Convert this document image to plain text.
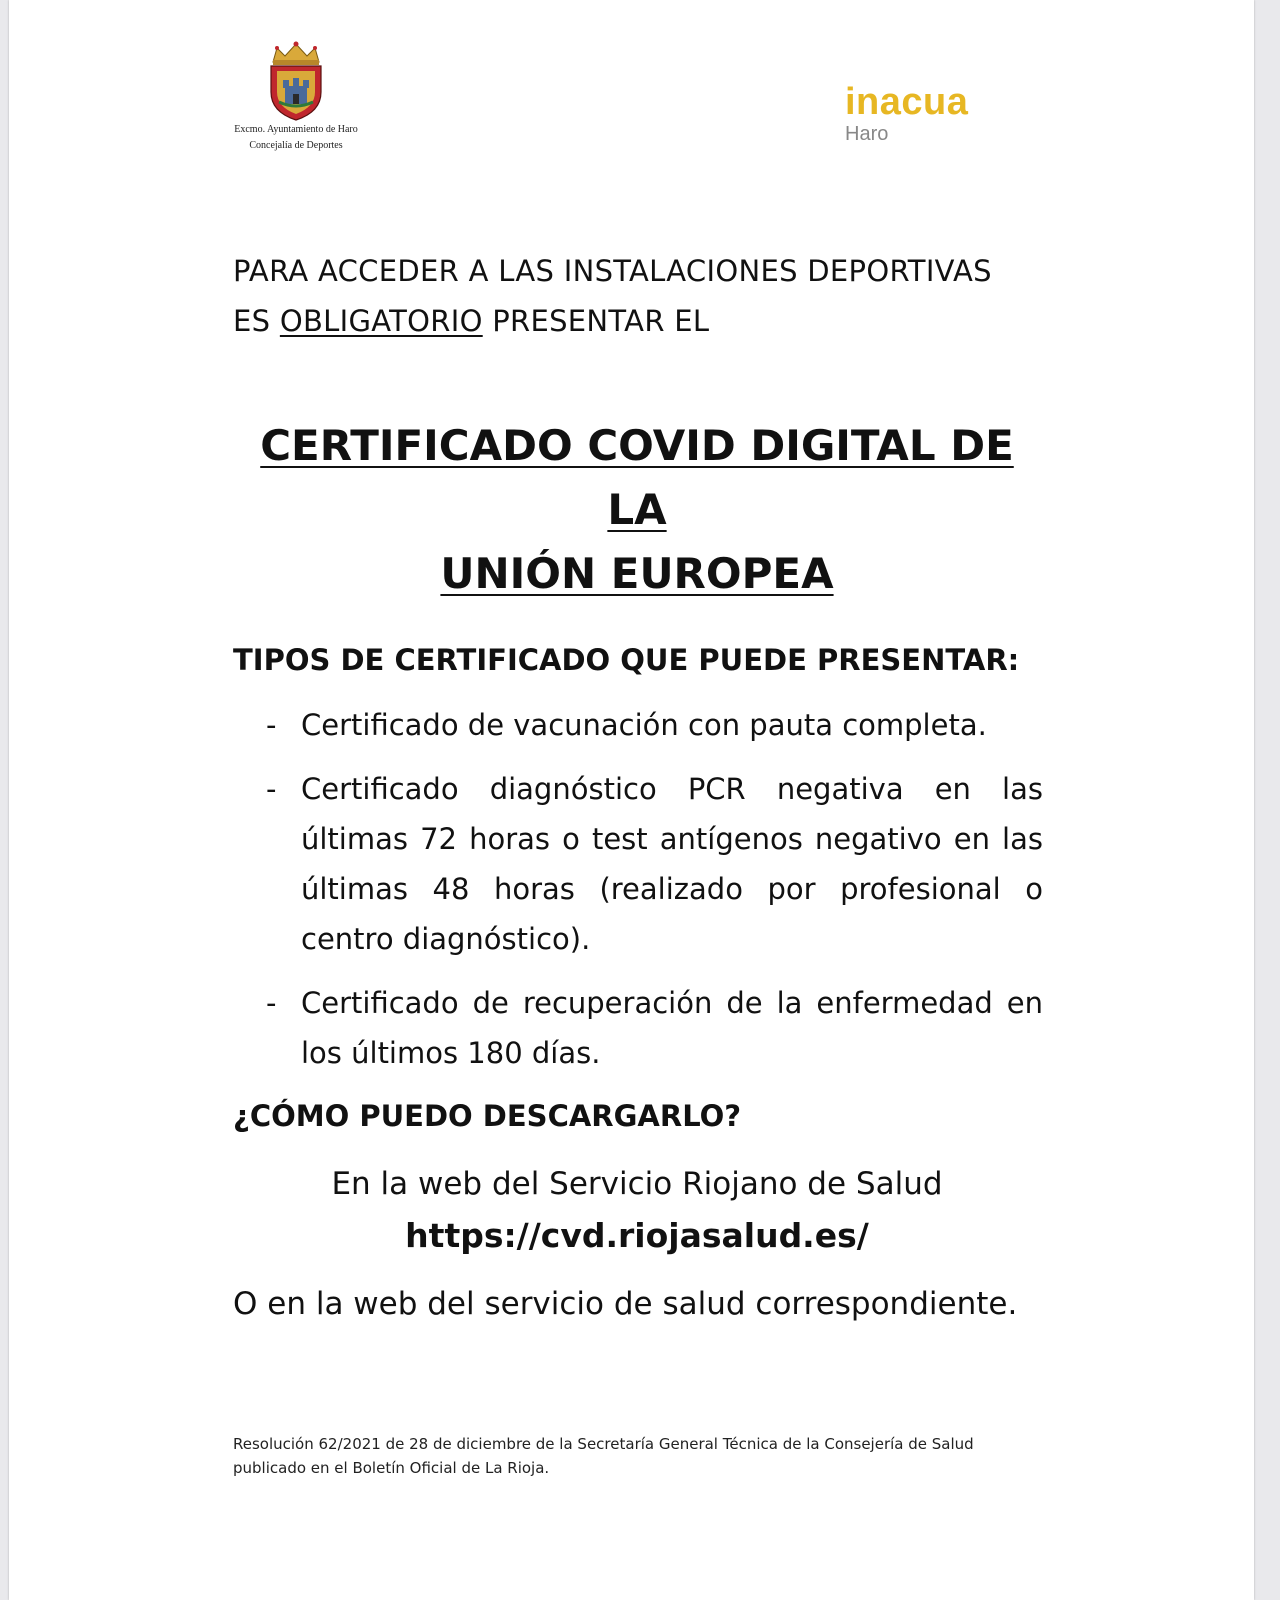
Excmo. Ayuntamiento de Haro
Concejalía de Deportes
inacua
Haro
PARA ACCEDER A LAS INSTALACIONES DEPORTIVAS
ES OBLIGATORIO PRESENTAR EL
CERTIFICADO COVID DIGITAL DE LA
UNIÓN EUROPEA
TIPOS DE CERTIFICADO QUE PUEDE PRESENTAR:
- Certificado de vacunación con pauta completa.
- Certificado diagnóstico PCR negativa en las últimas 72 horas o test antígenos negativo en las últimas 48 horas (realizado por profesional o centro diagnóstico).
- Certificado de recuperación de la enfermedad en los últimos 180 días.
¿CÓMO PUEDO DESCARGARLO?
En la web del Servicio Riojano de Salud
https://cvd.riojasalud.es/
O en la web del servicio de salud correspondiente.
Resolución 62/2021 de 28 de diciembre de la Secretaría General Técnica de la Consejería de Salud publicado en el Boletín Oficial de La Rioja.
